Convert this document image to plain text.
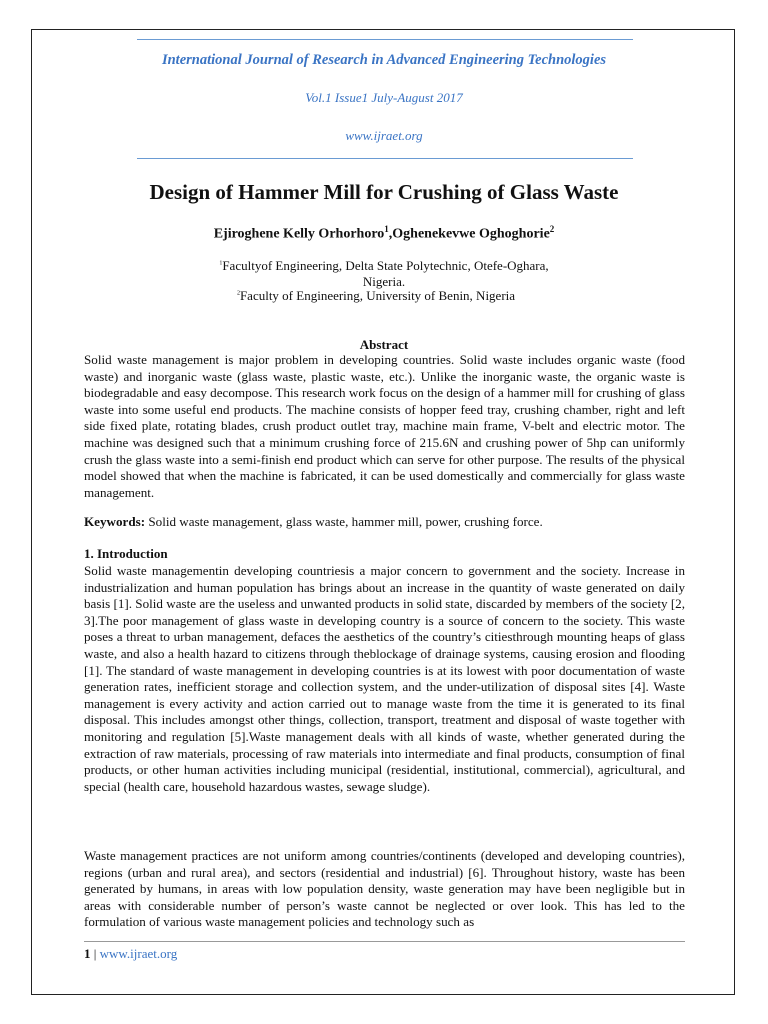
International Journal of Research in Advanced Engineering Technologies
Vol.1 Issue1 July-August 2017
www.ijraet.org
Design of Hammer Mill for Crushing of Glass Waste
Ejiroghene Kelly Orhorhoro$^1$,Oghenekevwe Oghoghorie$^2$
$^1$Facultyof Engineering, Delta State Polytechnic, Otefe-Oghara,
Nigeria.
$^2$Faculty of Engineering, University of Benin, Nigeria
Abstract
Solid waste management is major problem in developing countries. Solid waste includes organic waste (food waste) and inorganic waste (glass waste, plastic waste, etc.). Unlike the inorganic waste, the organic waste is biodegradable and easy decompose. This research work focus on the design of a hammer mill for crushing of glass waste into some useful end products. The machine consists of hopper feed tray, crushing chamber, right and left side fixed plate, rotating blades, crush product outlet tray, machine main frame, V-belt and electric motor. The machine was designed such that a minimum crushing force of 215.6N and crushing power of 5hp can uniformly crush the glass waste into a semi-finish end product which can serve for other purpose. The results of the physical model showed that when the machine is fabricated, it can be used domestically and commercially for glass waste management.
Keywords: Solid waste management, glass waste, hammer mill, power, crushing force.
1. Introduction
Solid waste managementin developing countriesis a major concern to government and the society. Increase in industrialization and human population has brings about an increase in the quantity of waste generated on daily basis [1]. Solid waste are the useless and unwanted products in solid state, discarded by members of the society [2, 3].The poor management of glass waste in developing country is a source of concern to the society. This waste poses a threat to urban management, defaces the aesthetics of the country’s citiesthrough mounting heaps of glass waste, and also a health hazard to citizens through theblockage of drainage systems, causing erosion and flooding [1]. The standard of waste management in developing countries is at its lowest with poor documentation of waste generation rates, inefficient storage and collection system, and the under-utilization of disposal sites [4]. Waste management is every activity and action carried out to manage waste from the time it is generated to its final disposal. This includes amongst other things, collection, transport, treatment and disposal of waste together with monitoring and regulation [5].Waste management deals with all kinds of waste, whether generated during the extraction of raw materials, processing of raw materials into intermediate and final products, consumption of final products, or other human activities including municipal (residential, institutional, commercial), agricultural, and special (health care, household hazardous wastes, sewage sludge).
Waste management practices are not uniform among countries/continents (developed and developing countries), regions (urban and rural area), and sectors (residential and industrial) [6]. Throughout history, waste has been generated by humans, in areas with low population density, waste generation may have been negligible but in areas with considerable number of person’s waste cannot be neglected or over look. This has led to the formulation of various waste management policies and technology such as
1 | www.ijraet.org
